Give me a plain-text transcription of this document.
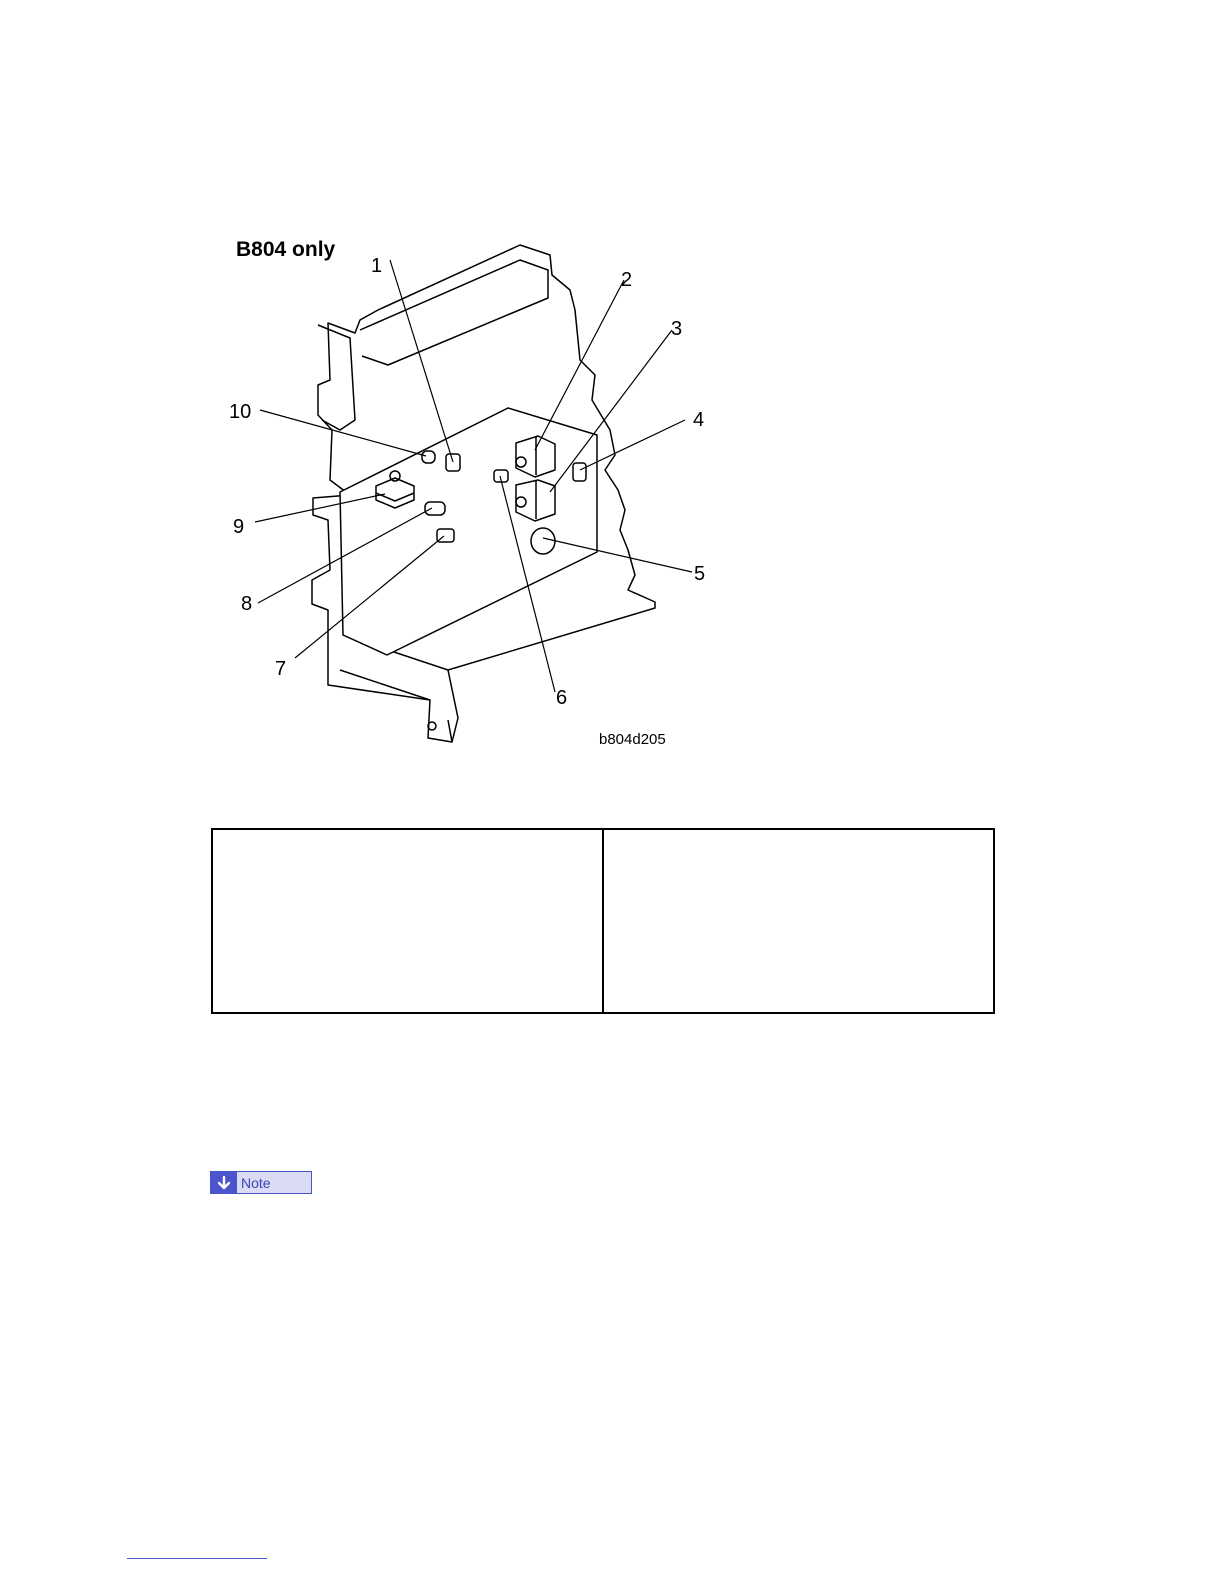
B804 only
1
2
3
4
5
6
7
8
9
10
b804d205

Note
